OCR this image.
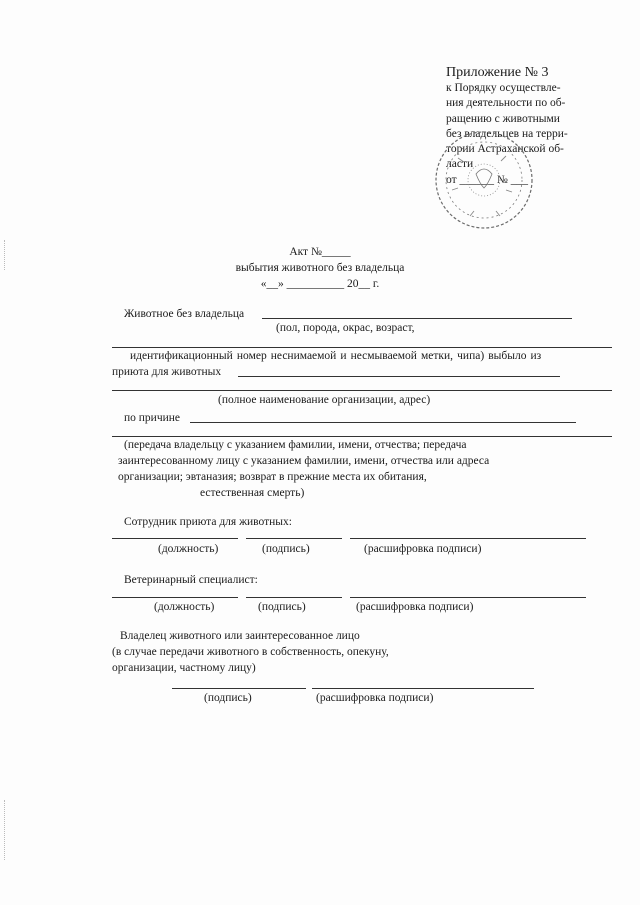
Приложение № 3
к Порядку осуществле-
ния деятельности по об-
ращению с животными
без владельцев на терри-
тории Астраханской об-
ласти
от ______ № ___
Акт №_____
выбытия животного без владельца
«__» __________ 20__ г.
Животное без владельца
(пол, порода, окрас, возраст,
идентификационный номер неснимаемой и несмываемой метки, чипа) выбыло из
приюта для животных
(полное наименование организации, адрес)
по причине
(передача владельцу с указанием фамилии, имени, отчества; передача
заинтересованному лицу с указанием фамилии, имени, отчества или адреса
организации; эвтаназия; возврат в прежние места их обитания,
естественная смерть)
Сотрудник приюта для животных:
(должность)	(подпись)	(расшифровка подписи)
Ветеринарный специалист:
(должность)	(подпись)	(расшифровка подписи)
Владелец животного или заинтересованное лицо
(в случае передачи животного в собственность, опекуну,
организации, частному лицу)
(подпись)	(расшифровка подписи)
